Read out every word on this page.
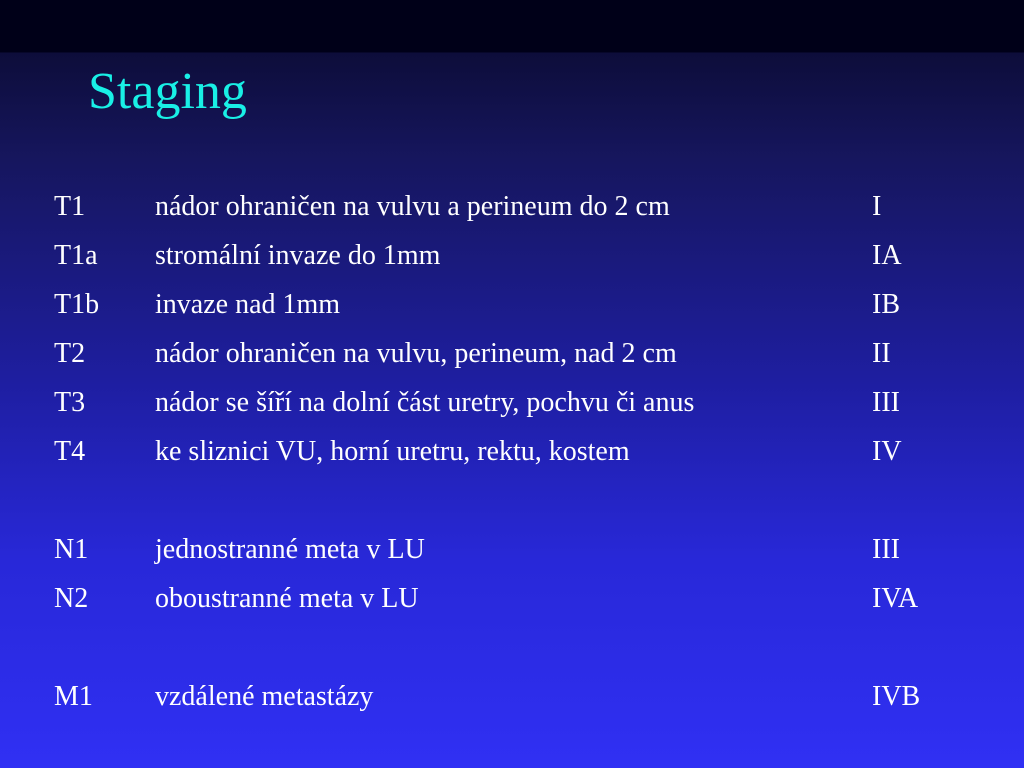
Staging
T1 nádor ohraničen na vulvu a perineum do 2 cm	I
T1a stromální invaze do 1mm	IA
T1b invaze nad 1mm	IB
T2 nádor ohraničen na vulvu, perineum, nad 2 cm	II
T3 nádor se šíří na dolní část uretry, pochvu či anus	III
T4 ke sliznici VU, horní uretru, rektu, kostem	IV
N1 jednostranné meta v LU	III
N2 oboustranné meta v LU	IVA
M1 vzdálené metastázy	IVB
